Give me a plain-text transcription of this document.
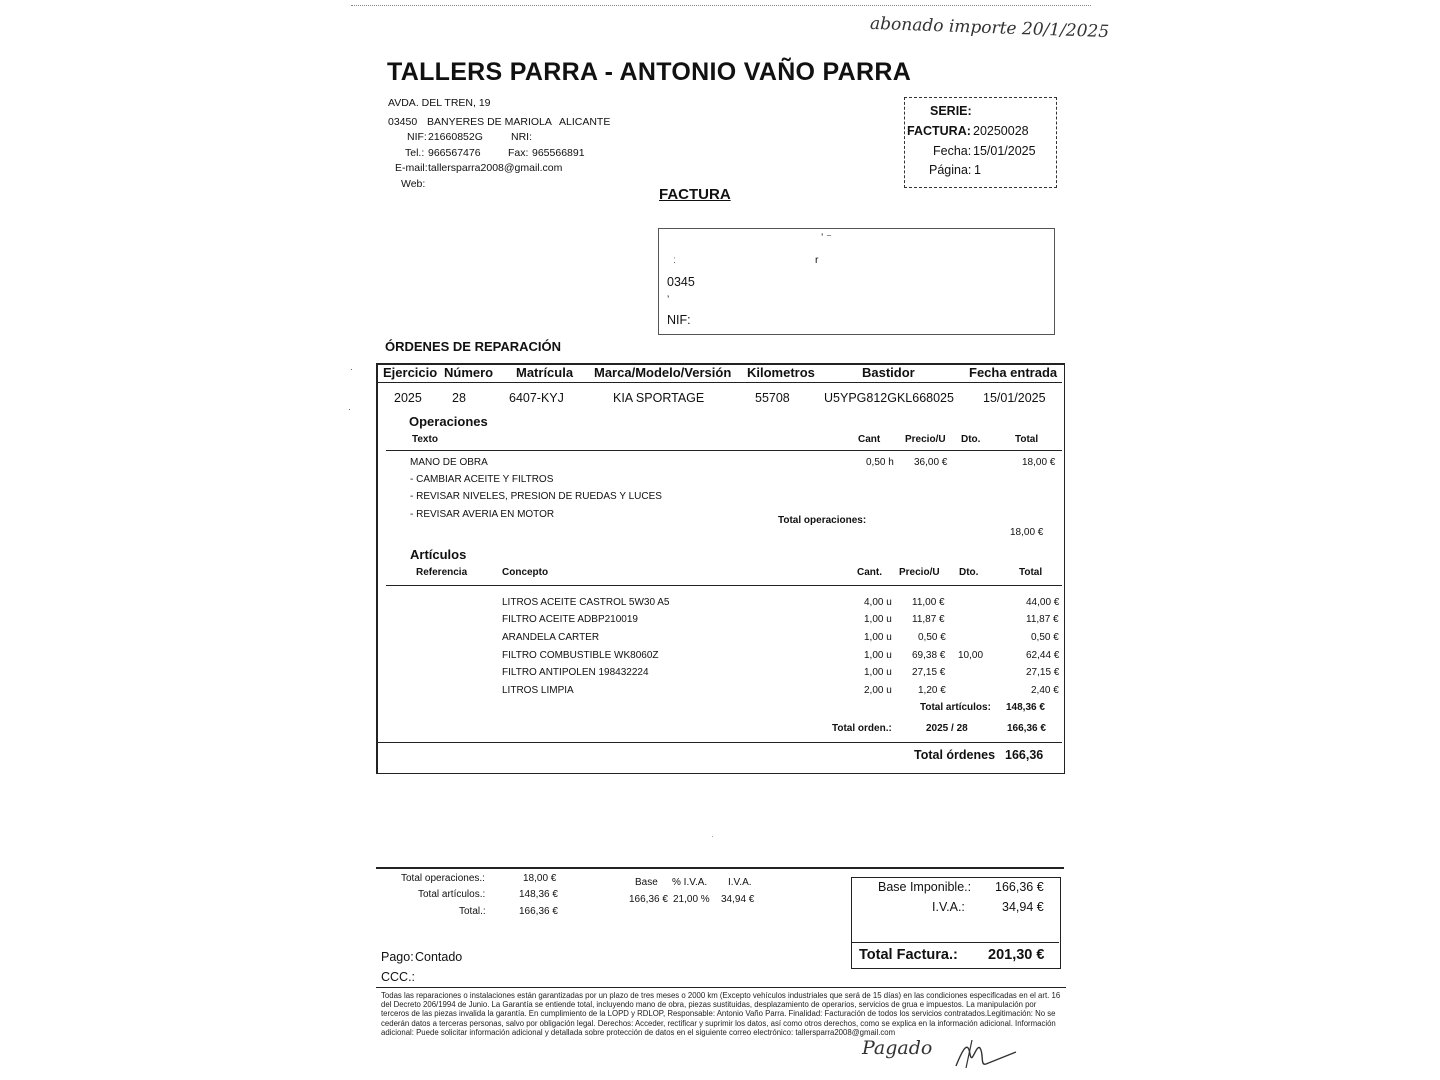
abonado importe 20/1/2025
TALLERS PARRA - ANTONIO VAÑO PARRA
AVDA. DEL TREN, 19
03450 BANYERES DE MARIOLA ALICANTE
NIF: 21660852G	NRI:
Tel.: 966567476	Fax: 965566891
E-mail: tallersparra2008@gmail.com
Web:
SERIE:
FACTURA: 20250028
Fecha: 15/01/2025
Página: 1
FACTURA
ʼ ⁻
ː	r
0345
ʼ
NIF:
ÓRDENES DE REPARACIÓN
·
·
Ejercicio Número Matrícula Marca/Modelo/Versión Kilometros	Bastidor	Fecha entrada
2025 28	6407-KYJ	KIA SPORTAGE	55708	U5YPG812GKL668025 15/01/2025
Operaciones
Texto	Cant Precio/U Dto.	Total
MANO DE OBRA	0,50 h 36,00 €	18,00 €
- CAMBIAR ACEITE Y FILTROS
- REVISAR NIVELES, PRESION DE RUEDAS Y LUCES
- REVISAR AVERIA EN MOTOR
Total operaciones:
18,00 €
Artículos
Referencia	Concepto	Cant. Precio/U Dto.	Total
LITROS ACEITE CASTROL 5W30 A5	4,00 u 11,00 €	44,00 €
FILTRO ACEITE ADBP210019	1,00 u 11,87 €	11,87 €
ARANDELA CARTER	1,00 u	0,50 €	0,50 €
FILTRO COMBUSTIBLE WK8060Z	1,00 u 69,38 € 10,00	62,44 €
FILTRO ANTIPOLEN 198432224	1,00 u 27,15 €	27,15 €
LITROS LIMPIA	2,00 u	1,20 €	2,40 €
Total artículos: 148,36 €
Total orden.:	2025 / 28	166,36 €
Total órdenes 166,36
·
Total operaciones.:	18,00 €
Total artículos.:	148,36 €
Total.:	166,36 €
Base % I.V.A. I.V.A.
166,36 € 21,00 % 34,94 €
Base Imponible.: 166,36 €
I.V.A.:	34,94 €
Total Factura.: 201,30 €
Pago: Contado
CCC.:
Todas las reparaciones o instalaciones están garantizadas por un plazo de tres meses o 2000 km (Excepto vehículos industriales que será de 15 días) en las condiciones especificadas en el art. 16 del Decreto 206/1994 de Junio. La Garantía se entiende total, incluyendo mano de obra, piezas sustituidas, desplazamiento de operarios, servicios de grua e impuestos. La manipulación por terceros de las piezas invalida la garantía. En cumplimiento de la LOPD y RDLOP, Responsable: Antonio Vaño Parra. Finalidad: Facturación de todos los servicios contratados.Legitimación: No se cederán datos a terceras personas, salvo por obligación legal. Derechos: Acceder, rectificar y suprimir los datos, así como otros derechos, como se explica en la información adicional. Información adicional: Puede solicitar información adicional y detallada sobre protección de datos en el siguiente correo electrónico: tallersparra2008@gmail.com
Pagado
